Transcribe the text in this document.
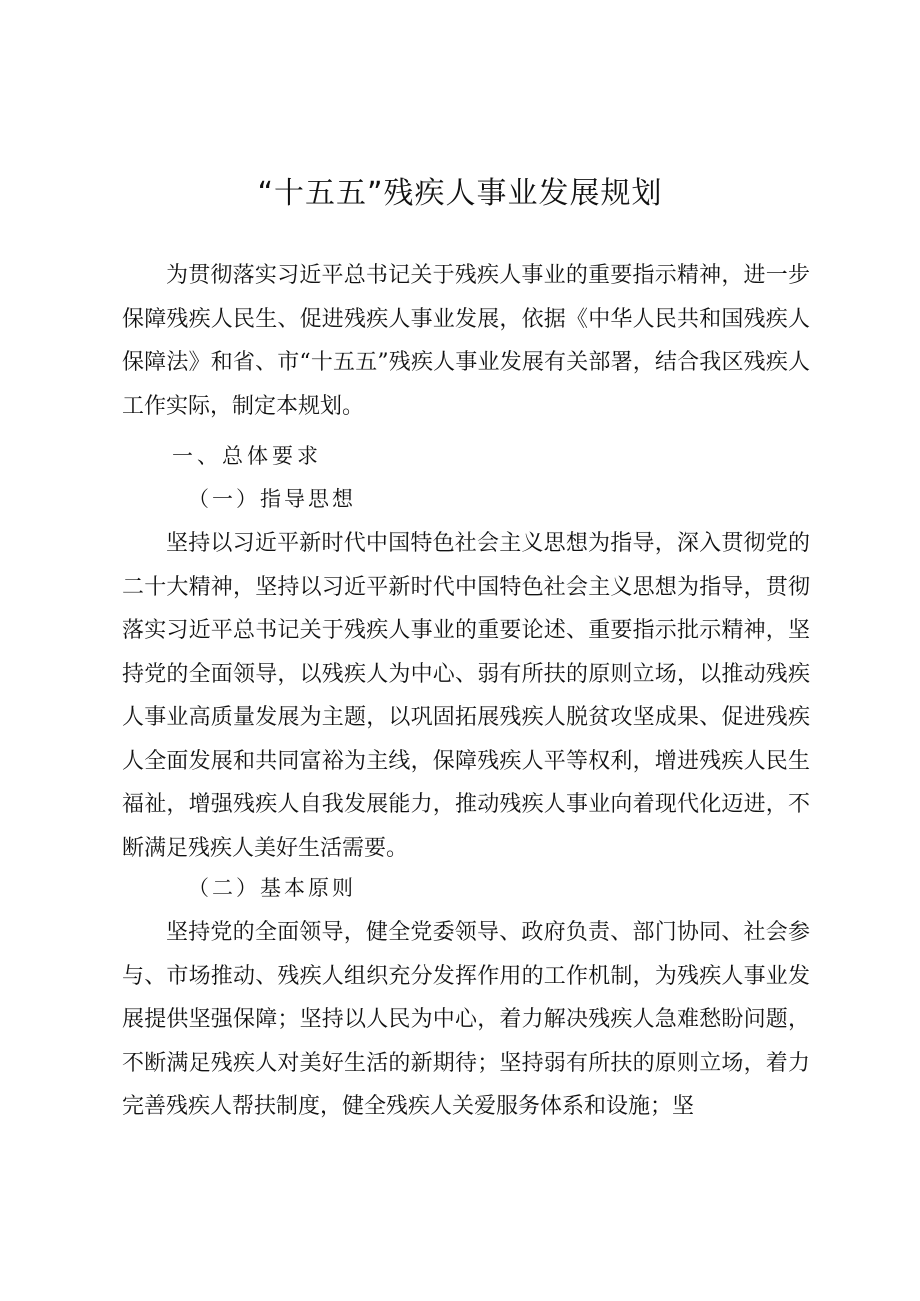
“十五五”残疾人事业发展规划

为贯彻落实习近平总书记关于残疾人事业的重要指示精神，进一步保障残疾人民生、促进残疾人事业发展，依据《中华人民共和国残疾人保障法》和省、市“十五五”残疾人事业发展有关部署，结合我区残疾人工作实际，制定本规划。

一、总体要求
（一）指导思想

坚持以习近平新时代中国特色社会主义思想为指导，深入贯彻党的二十大精神，坚持以习近平新时代中国特色社会主义思想为指导，贯彻落实习近平总书记关于残疾人事业的重要论述、重要指示批示精神，坚持党的全面领导，以残疾人为中心、弱有所扶的原则立场，以推动残疾人事业高质量发展为主题，以巩固拓展残疾人脱贫攻坚成果、促进残疾人全面发展和共同富裕为主线，保障残疾人平等权利，增进残疾人民生福祉，增强残疾人自我发展能力，推动残疾人事业向着现代化迈进，不断满足残疾人美好生活需要。

（二）基本原则

坚持党的全面领导，健全党委领导、政府负责、部门协同、社会参与、市场推动、残疾人组织充分发挥作用的工作机制，为残疾人事业发展提供坚强保障；坚持以人民为中心，着力解决残疾人急难愁盼问题，不断满足残疾人对美好生活的新期待；坚持弱有所扶的原则立场，着力完善残疾人帮扶制度，健全残疾人关爱服务体系和设施；坚
